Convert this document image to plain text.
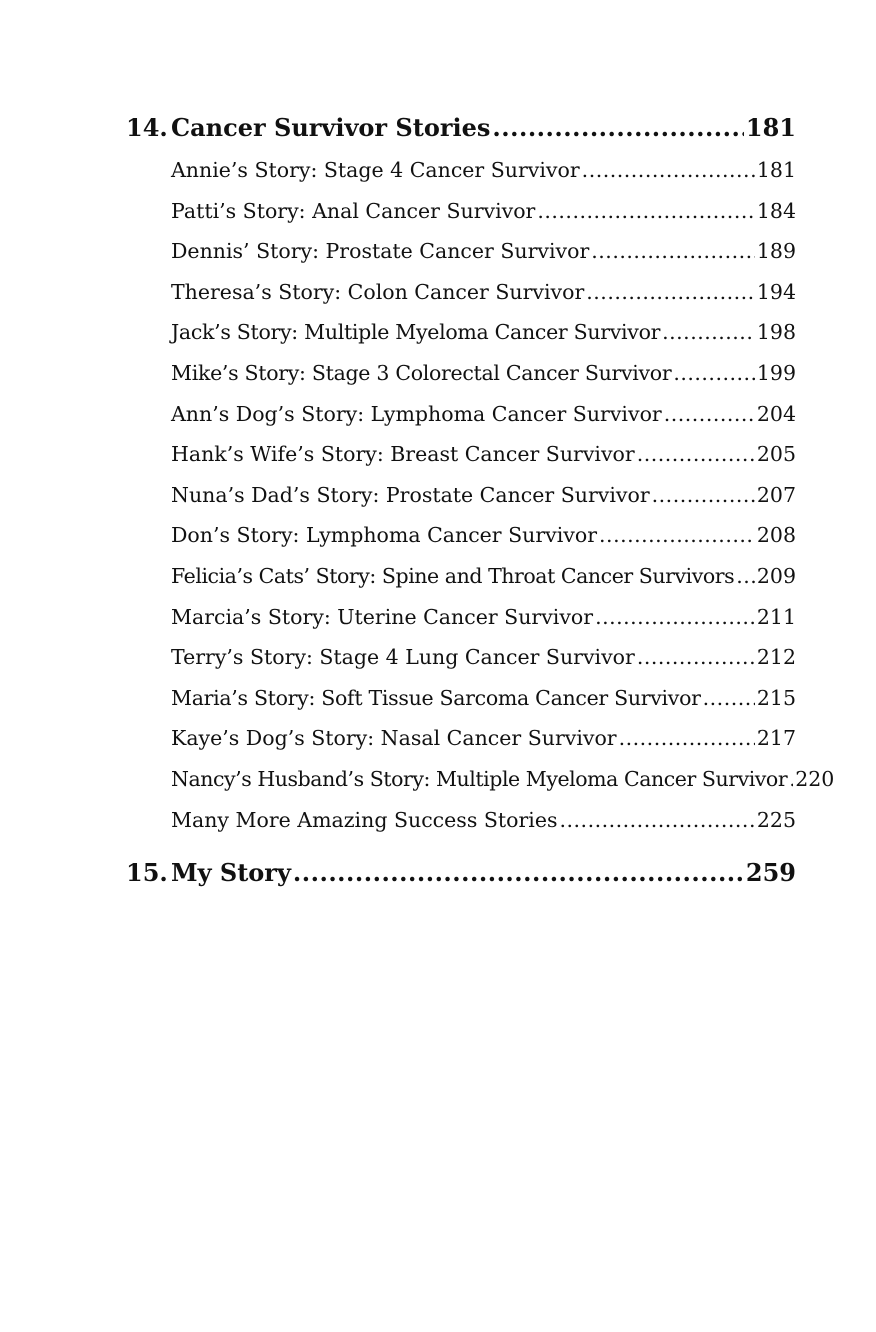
14. Cancer Survivor Stories .....	181
Annie’s Story: Stage 4 Cancer Survivor .....	181
Patti’s Story: Anal Cancer Survivor .....	184
Dennis’ Story: Prostate Cancer Survivor .....	189
Theresa’s Story: Colon Cancer Survivor .....	194
Jack’s Story: Multiple Myeloma Cancer Survivor .....	198
Mike’s Story: Stage 3 Colorectal Cancer Survivor .....	199
Ann’s Dog’s Story: Lymphoma Cancer Survivor .....	204
Hank’s Wife’s Story: Breast Cancer Survivor .....	205
Nuna’s Dad’s Story: Prostate Cancer Survivor .....	207
Don’s Story: Lymphoma Cancer Survivor .....	208
Felicia’s Cats’ Story: Spine and Throat Cancer Survivors ..... 209
Marcia’s Story: Uterine Cancer Survivor .....	211
Terry’s Story: Stage 4 Lung Cancer Survivor .....	212
Maria’s Story: Soft Tissue Sarcoma Cancer Survivor .....	215
Kaye’s Dog’s Story: Nasal Cancer Survivor .....	217
Nancy’s Husband’s Story: Multiple Myeloma Cancer Survivor ..... 220
Many More Amazing Success Stories .....	225
15. My Story .....	259
